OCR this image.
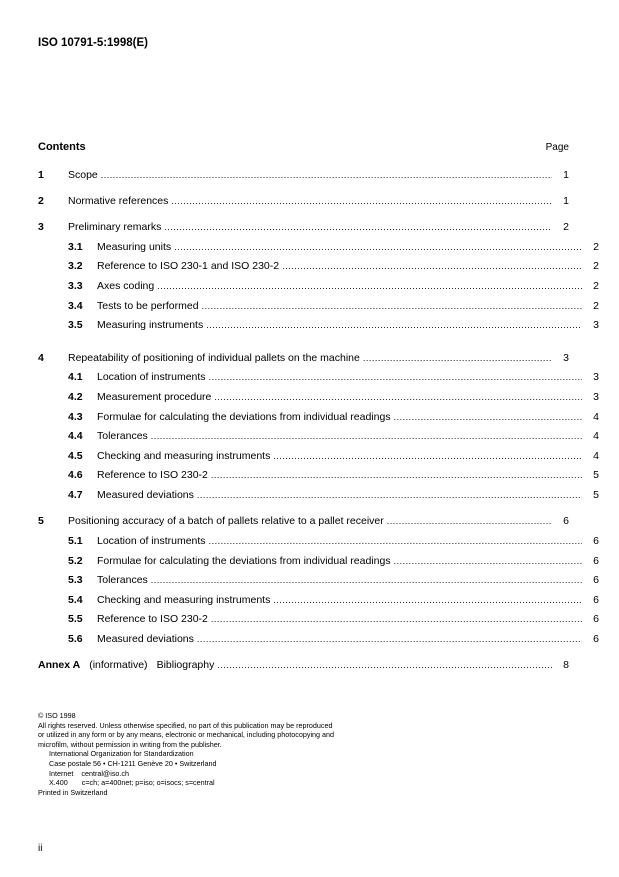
ISO 10791-5:1998(E)
Contents	Page
1	Scope .....	1
2	Normative references .....	1
3	Preliminary remarks .....	2
3.1	Measuring units .....	2
3.2	Reference to ISO 230-1 and ISO 230-2 .....	2
3.3	Axes coding .....	2
3.4	Tests to be performed .....	2
3.5	Measuring instruments .....	3
4	Repeatability of positioning of individual pallets on the machine .....	3
4.1	Location of instruments .....	3
4.2	Measurement procedure .....	3
4.3	Formulae for calculating the deviations from individual readings .....	4
4.4	Tolerances .....	4
4.5	Checking and measuring instruments .....	4
4.6	Reference to ISO 230-2 .....	5
4.7	Measured deviations .....	5
5	Positioning accuracy of a batch of pallets relative to a pallet receiver .....	6
5.1	Location of instruments .....	6
5.2	Formulae for calculating the deviations from individual readings .....	6
5.3	Tolerances .....	6
5.4	Checking and measuring instruments .....	6
5.5	Reference to ISO 230-2 .....	6
5.6	Measured deviations .....	6
Annex A (informative) Bibliography .....	8
© ISO 1998
All rights reserved. Unless otherwise specified, no part of this publication may be reproduced
or utilized in any form or by any means, electronic or mechanical, including photocopying and
microfilm, without permission in writing from the publisher.
International Organization for Standardization
Case postale 56 • CH-1211 Genève 20 • Switzerland
Internet    central@iso.ch
X.400       c=ch; a=400net; p=iso; o=isocs; s=central
Printed in Switzerland
ii
